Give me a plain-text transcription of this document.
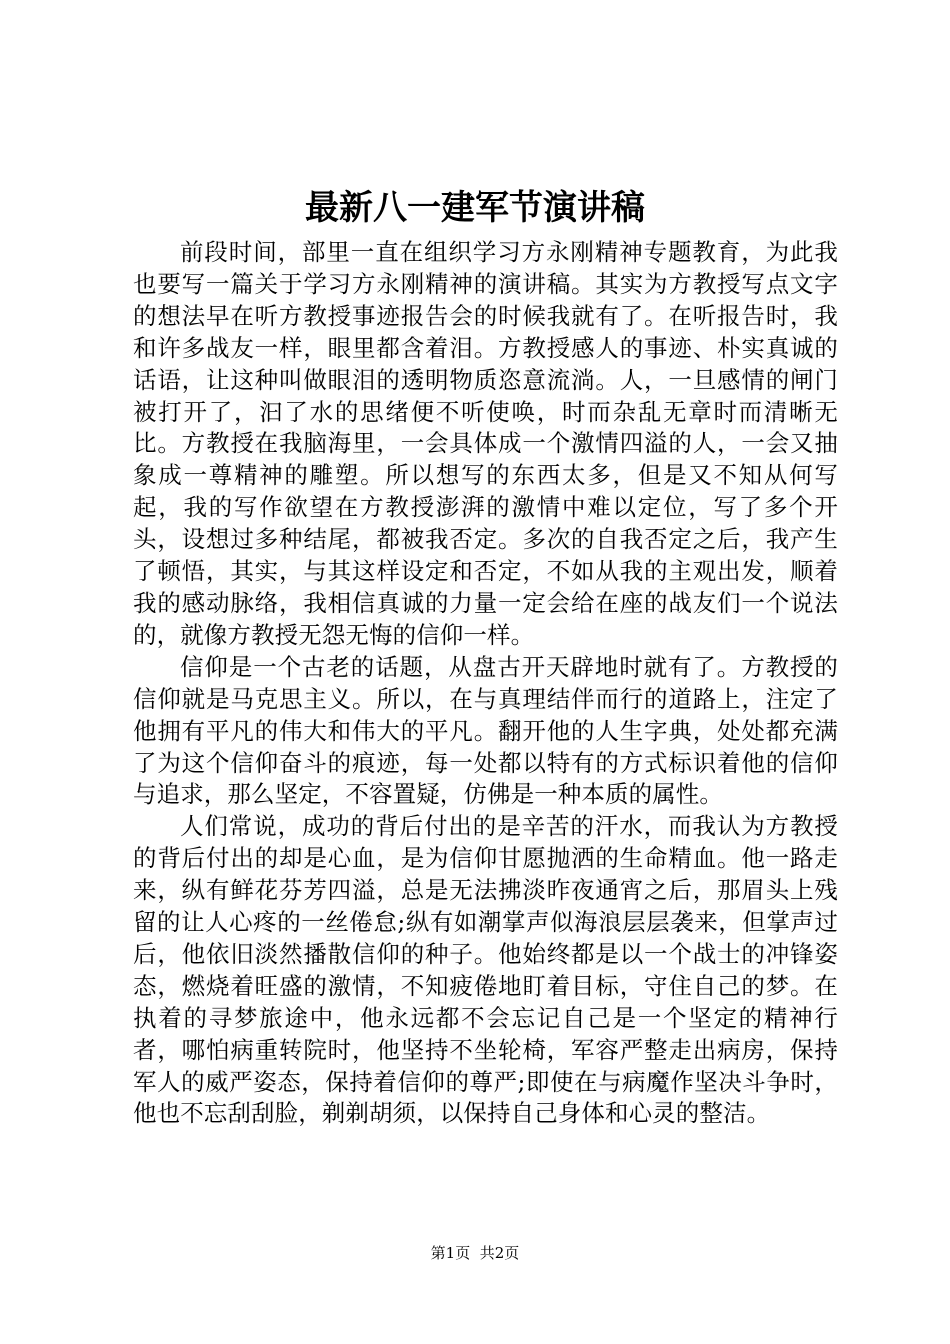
最新八一建军节演讲稿

前段时间，部里一直在组织学习方永刚精神专题教育，为此我也要写一篇关于学习方永刚精神的演讲稿。其实为方教授写点文字的想法早在听方教授事迹报告会的时候我就有了。在听报告时，我和许多战友一样，眼里都含着泪。方教授感人的事迹、朴实真诚的话语，让这种叫做眼泪的透明物质恣意流淌。人，一旦感情的闸门被打开了，汩了水的思绪便不听使唤，时而杂乱无章时而清晰无比。方教授在我脑海里，一会具体成一个激情四溢的人，一会又抽象成一尊精神的雕塑。所以想写的东西太多，但是又不知从何写起，我的写作欲望在方教授澎湃的激情中难以定位，写了多个开头，设想过多种结尾，都被我否定。多次的自我否定之后，我产生了顿悟，其实，与其这样设定和否定，不如从我的主观出发，顺着我的感动脉络，我相信真诚的力量一定会给在座的战友们一个说法的，就像方教授无怨无悔的信仰一样。

信仰是一个古老的话题，从盘古开天辟地时就有了。方教授的信仰就是马克思主义。所以，在与真理结伴而行的道路上，注定了他拥有平凡的伟大和伟大的平凡。翻开他的人生字典，处处都充满了为这个信仰奋斗的痕迹，每一处都以特有的方式标识着他的信仰与追求，那么坚定，不容置疑，仿佛是一种本质的属性。

人们常说，成功的背后付出的是辛苦的汗水，而我认为方教授的背后付出的却是心血，是为信仰甘愿抛洒的生命精血。他一路走来，纵有鲜花芬芳四溢，总是无法拂淡昨夜通宵之后，那眉头上残留的让人心疼的一丝倦怠;纵有如潮掌声似海浪层层袭来，但掌声过后，他依旧淡然播散信仰的种子。他始终都是以一个战士的冲锋姿态，燃烧着旺盛的激情，不知疲倦地盯着目标，守住自己的梦。在执着的寻梦旅途中，他永远都不会忘记自己是一个坚定的精神行者，哪怕病重转院时，他坚持不坐轮椅，军容严整走出病房，保持军人的威严姿态，保持着信仰的尊严;即使在与病魔作坚决斗争时，他也不忘刮刮脸，剃剃胡须，以保持自己身体和心灵的整洁。

第1页 共2页
